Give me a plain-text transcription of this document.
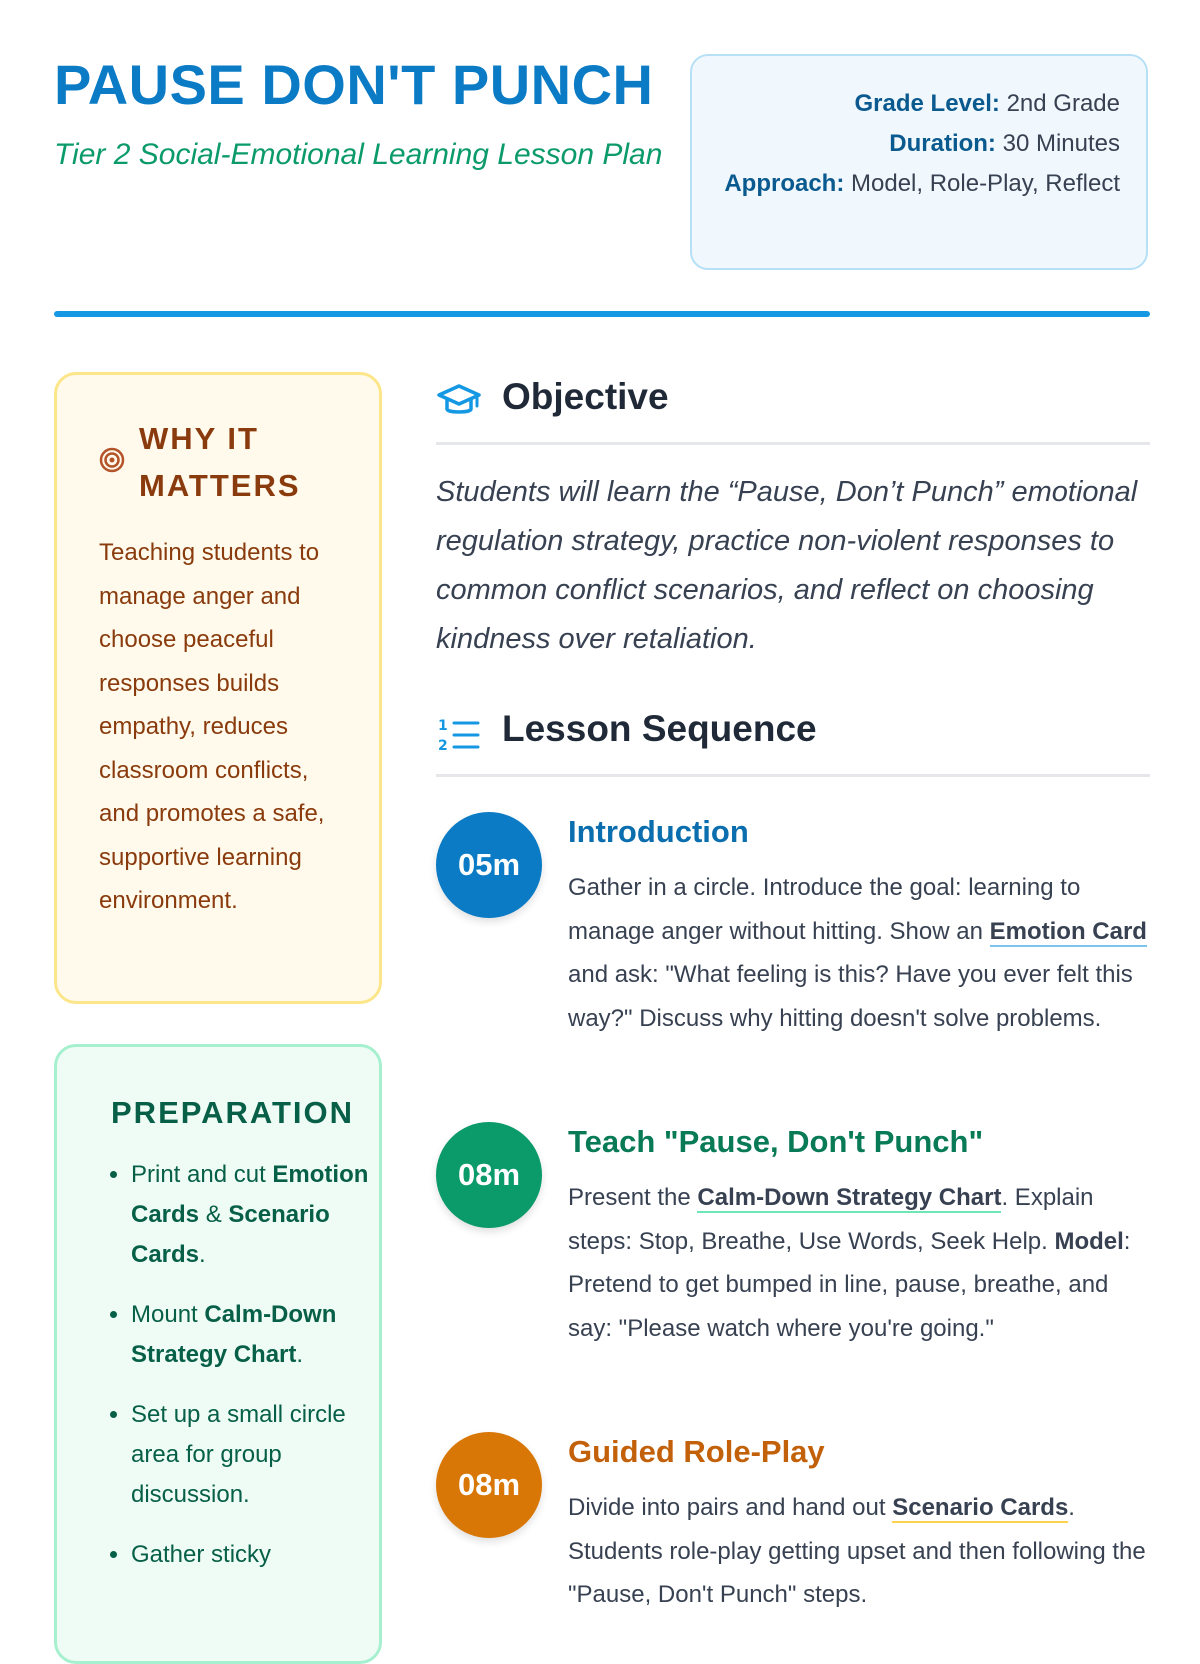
PAUSE DON'T PUNCH

Tier 2 Social-Emotional Learning Lesson Plan

Grade Level: 2nd Grade
Duration: 30 Minutes
Approach: Model, Role-Play, Reflect
WHY IT MATTERS

Teaching students to manage anger and choose peaceful responses builds empathy, reduces classroom conflicts, and promotes a safe, supportive learning environment.

PREPARATION
• Print and cut Emotion Cards & Scenario Cards.
• Mount Calm-Down Strategy Chart.
• Set up a small circle area for group discussion.
• Gather sticky
Objective

Students will learn the “Pause, Don’t Punch” emotional regulation strategy, practice non-violent responses to common conflict scenarios, and reflect on choosing kindness over retaliation.

1
2 Lesson Sequence
05m
Introduction

Gather in a circle. Introduce the goal: learning to manage anger without hitting. Show an Emotion Card and ask: "What feeling is this? Have you ever felt this way?" Discuss why hitting doesn't solve problems.

08m
Teach "Pause, Don't Punch"

Present the Calm-Down Strategy Chart. Explain steps: Stop, Breathe, Use Words, Seek Help. Model: Pretend to get bumped in line, pause, breathe, and say: "Please watch where you're going."

08m
Guided Role-Play

Divide into pairs and hand out Scenario Cards. Students role-play getting upset and then following the "Pause, Don't Punch" steps.
